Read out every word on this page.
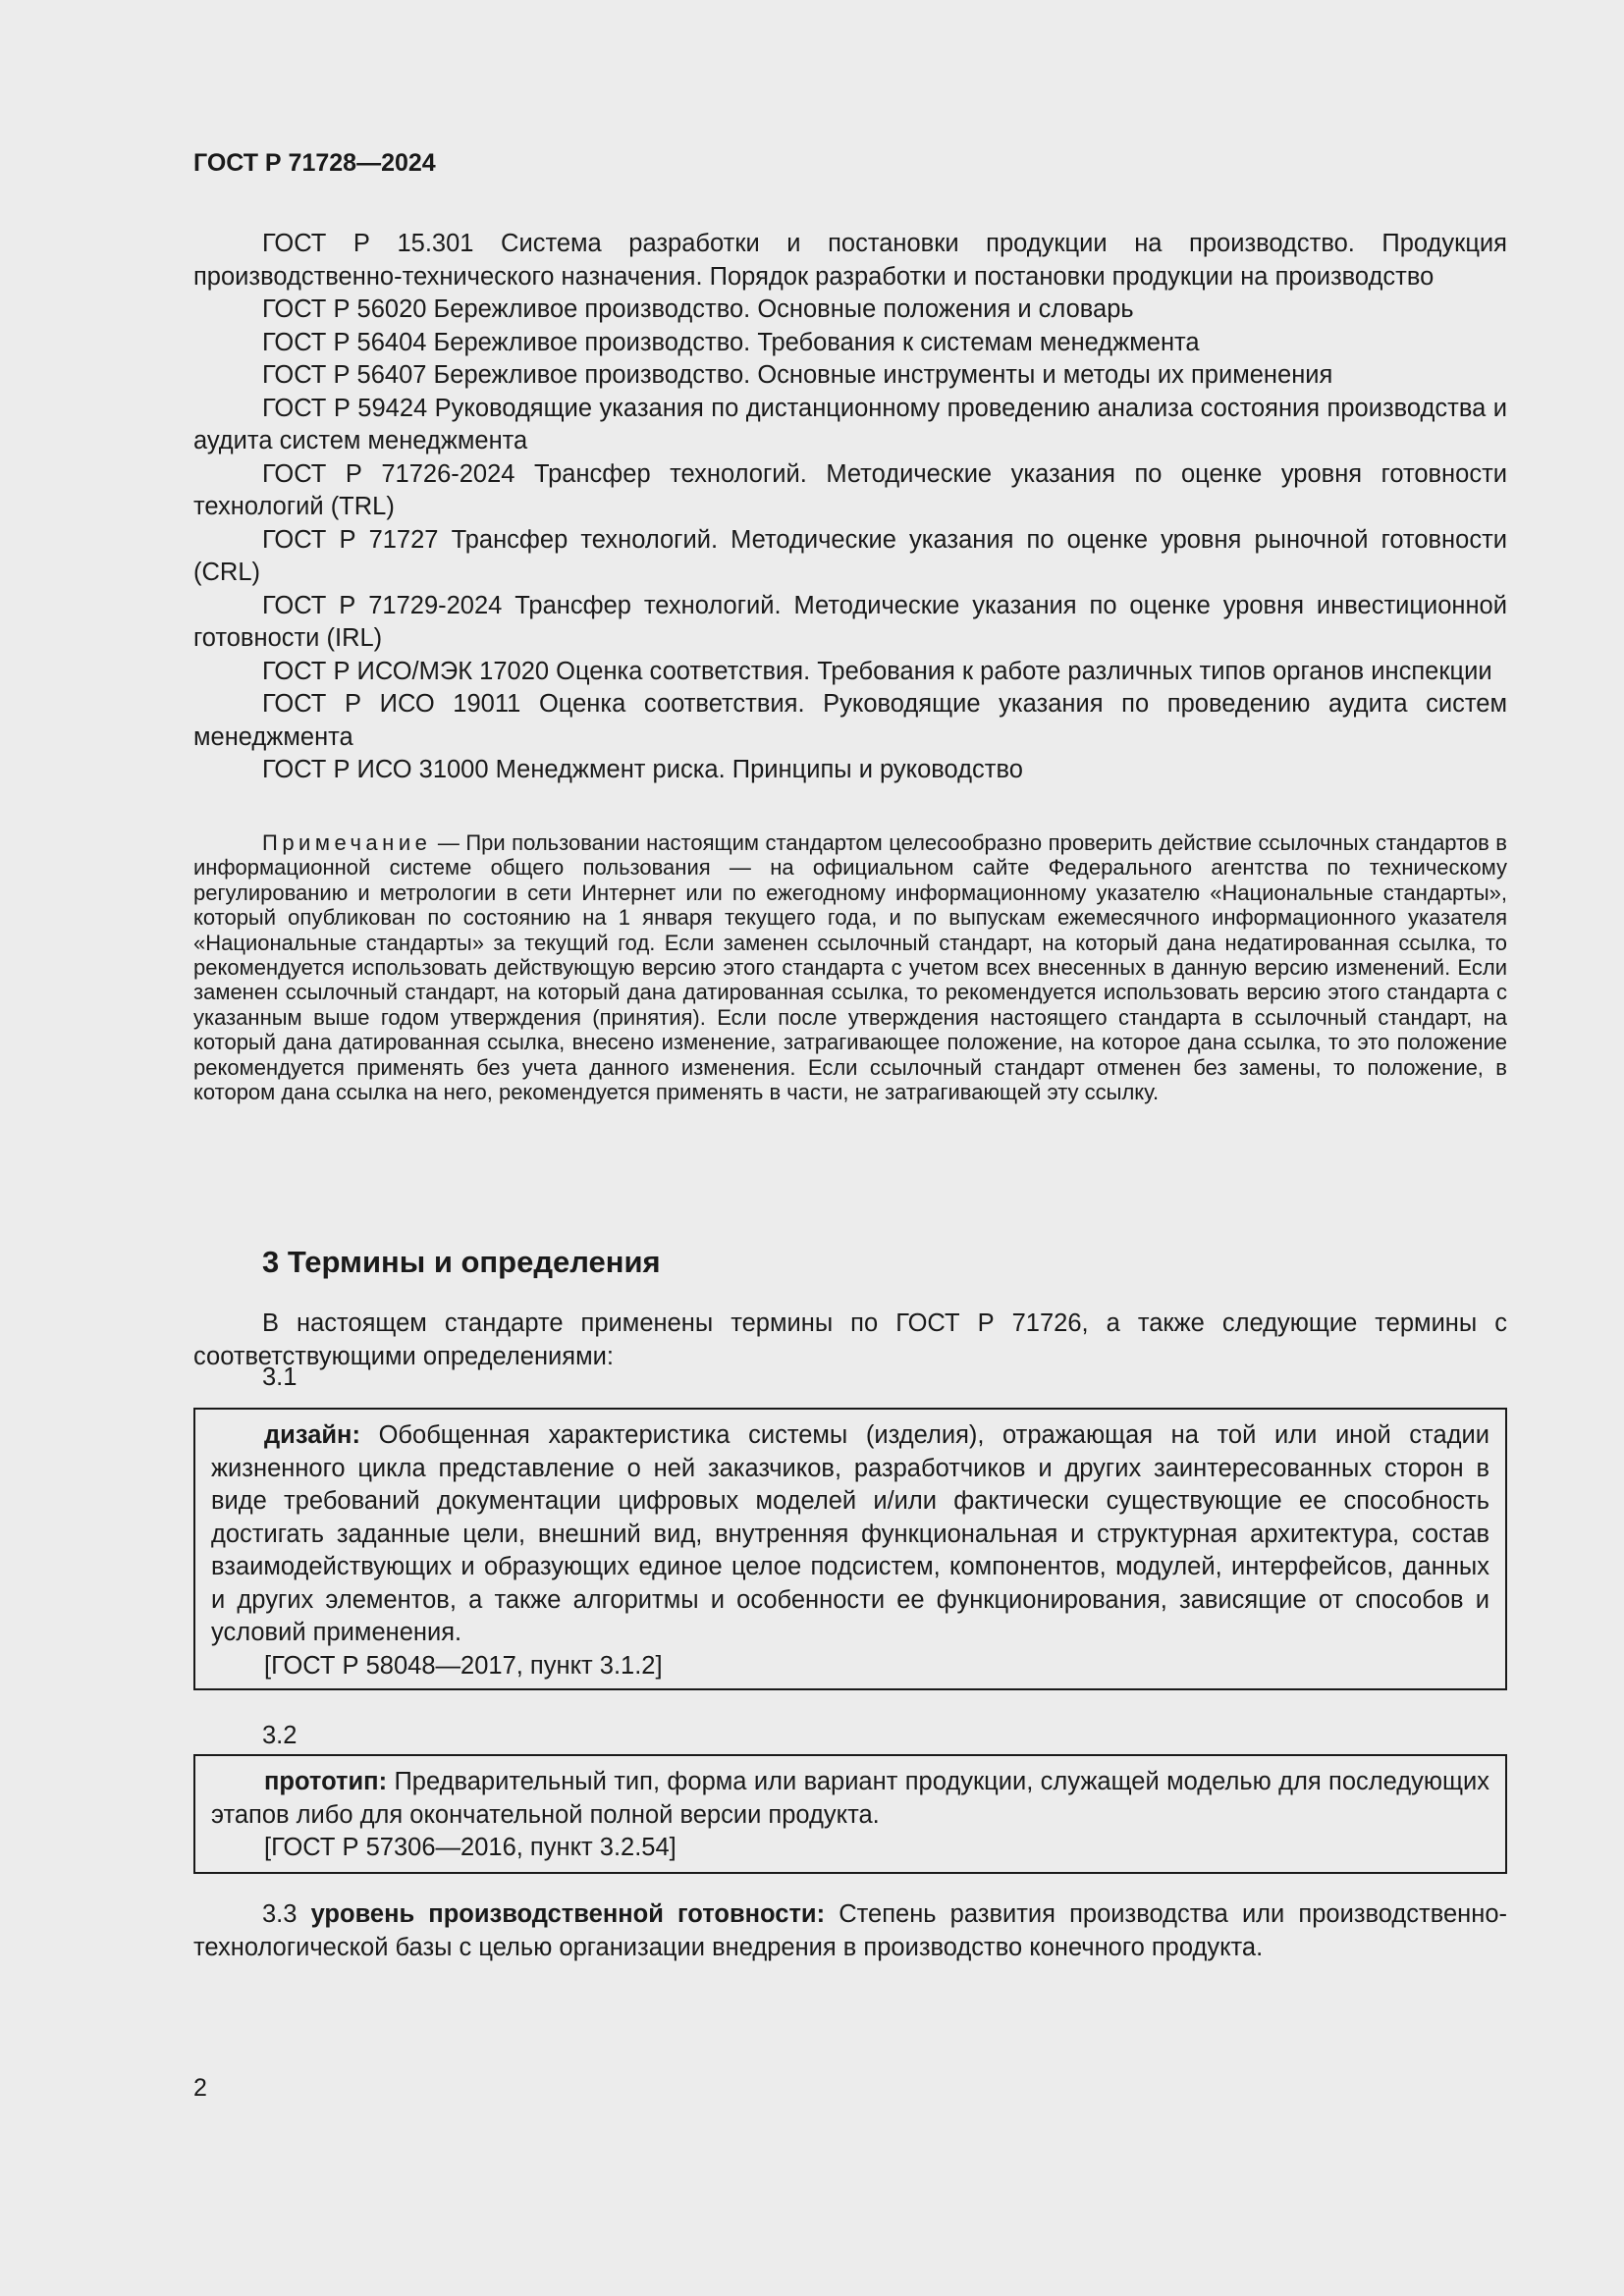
ГОСТ Р 71728—2024

ГОСТ Р 15.301 Система разработки и постановки продукции на производство. Продукция производственно-технического назначения. Порядок разработки и постановки продукции на производство

ГОСТ Р 56020 Бережливое производство. Основные положения и словарь

ГОСТ Р 56404 Бережливое производство. Требования к системам менеджмента

ГОСТ Р 56407 Бережливое производство. Основные инструменты и методы их применения

ГОСТ Р 59424 Руководящие указания по дистанционному проведению анализа состояния производства и аудита систем менеджмента

ГОСТ Р 71726-2024 Трансфер технологий. Методические указания по оценке уровня готовности технологий (TRL)

ГОСТ Р 71727 Трансфер технологий. Методические указания по оценке уровня рыночной готовности (CRL)

ГОСТ Р 71729-2024 Трансфер технологий. Методические указания по оценке уровня инвестиционной готовности (IRL)

ГОСТ Р ИСО/МЭК 17020 Оценка соответствия. Требования к работе различных типов органов инспекции

ГОСТ Р ИСО 19011 Оценка соответствия. Руководящие указания по проведению аудита систем менеджмента

ГОСТ Р ИСО 31000 Менеджмент риска. Принципы и руководство

Примечание — При пользовании настоящим стандартом целесообразно проверить действие ссылочных стандартов в информационной системе общего пользования — на официальном сайте Федерального агентства по техническому регулированию и метрологии в сети Интернет или по ежегодному информационному указателю «Национальные стандарты», который опубликован по состоянию на 1 января текущего года, и по выпускам ежемесячного информационного указателя «Национальные стандарты» за текущий год. Если заменен ссылочный стандарт, на который дана недатированная ссылка, то рекомендуется использовать действующую версию этого стандарта с учетом всех внесенных в данную версию изменений. Если заменен ссылочный стандарт, на который дана датированная ссылка, то рекомендуется использовать версию этого стандарта с указанным выше годом утверждения (принятия). Если после утверждения настоящего стандарта в ссылочный стандарт, на который дана датированная ссылка, внесено изменение, затрагивающее положение, на которое дана ссылка, то это положение рекомендуется применять без учета данного изменения. Если ссылочный стандарт отменен без замены, то положение, в котором дана ссылка на него, рекомендуется применять в части, не затрагивающей эту ссылку.

3 Термины и определения

В настоящем стандарте применены термины по ГОСТ Р 71726, а также следующие термины с соответствующими определениями:

3.1

дизайн: Обобщенная характеристика системы (изделия), отражающая на той или иной стадии жизненного цикла представление о ней заказчиков, разработчиков и других заинтересованных сторон в виде требований документации цифровых моделей и/или фактически существующие ее способность достигать заданные цели, внешний вид, внутренняя функциональная и структурная архитектура, состав взаимодействующих и образующих единое целое подсистем, компонентов, модулей, интерфейсов, данных и других элементов, а также алгоритмы и особенности ее функционирования, зависящие от способов и условий применения.

[ГОСТ Р 58048—2017, пункт 3.1.2]

3.2

прототип: Предварительный тип, форма или вариант продукции, служащей моделью для последующих этапов либо для окончательной полной версии продукта.

[ГОСТ Р 57306—2016, пункт 3.2.54]

3.3 уровень производственной готовности: Степень развития производства или производственно-технологической базы с целью организации внедрения в производство конечного продукта.

2
